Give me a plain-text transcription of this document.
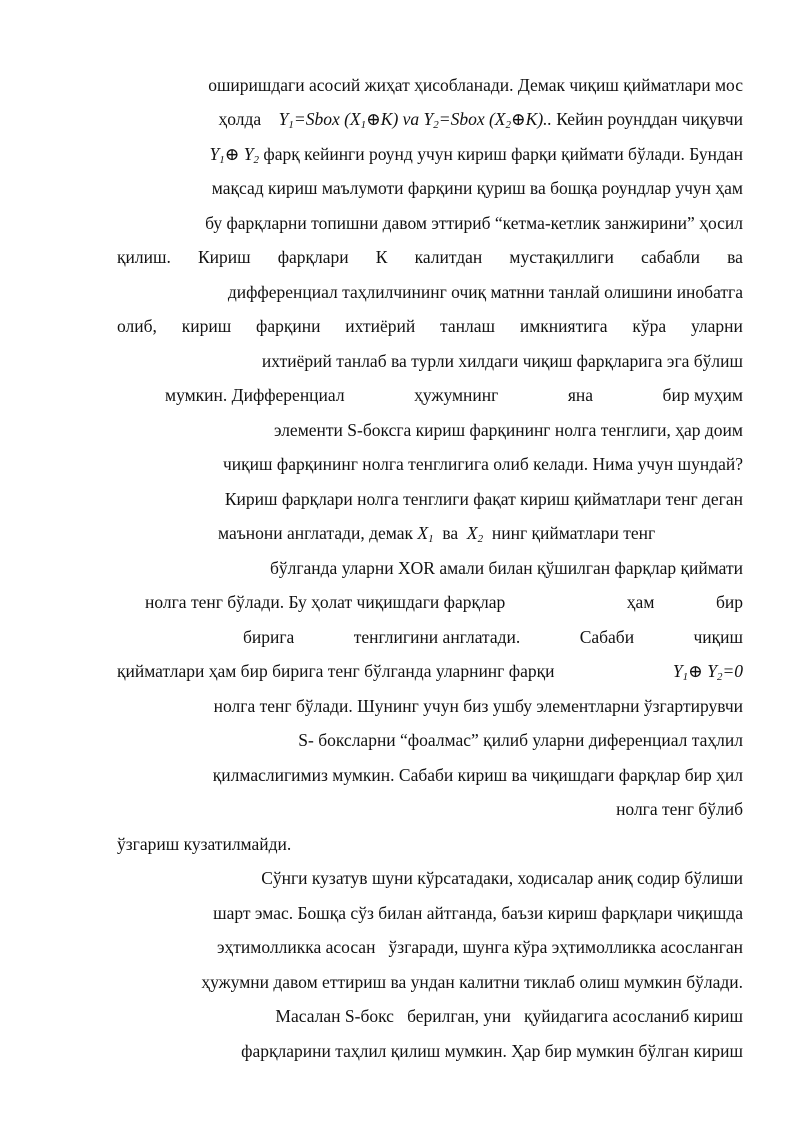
оширишдаги асосий жиҳат ҳисобланади. Демак чиқиш қийматлари мос
ҳолда $Y_1=Sbox$ $(X_1\oplus K)$ va $Y_2=Sbox$ $(X_2\oplus K)$.. Кейин роунддан чиқувчи
$Y_1\oplus$ $Y_2$ фарқ кейинги роунд учун кириш фарқи қиймати бўлади. Бундан
мақсад кириш маълумоти фарқини қуриш ва бошқа роундлар учун ҳам
бу фарқларни топишни давом эттириб “кетма-кетлик занжирини” ҳосил
қилиш. Кириш фарқлари К калитдан мустақиллиги сабабли ва
дифференциал таҳлилчининг очиқ матнни танлай олишини инобатга
олиб, кириш фарқини ихтиёрий танлаш имкниятига кўра уларни
ихтиёрий танлаб ва турли хилдаги чиқиш фарқларига эга бўлиш
мумкин. Дифференциал	ҳужумнинг	яна	бир муҳим
элементи S-боксга кириш фарқининг нолга тенглиги, ҳар доим
чиқиш фарқининг нолга тенглигига олиб келади. Нима учун шундай?
Кириш фарқлари нолга тенглиги фақат кириш қийматлари тенг деган
маънони англатади, демак $X_1$ ва $X_2$ нинг қийматлари тенг
бўлганда уларни XOR амали билан қўшилган фарқлар қиймати
нолга тенг бўлади. Бу ҳолат чиқишдаги фарқлар	ҳам	бир
бирига	тенглигини англатади.	Сабаби	чиқиш
қийматлари ҳам бир бирига тенг бўлганда уларнинг фарқи	$Y_1\oplus$ $Y_2=0$
нолга тенг бўлади. Шунинг учун биз ушбу элементларни ўзгартирувчи
S- боксларни “фоалмас” қилиб уларни диференциал таҳлил
қилмаслигимиз мумкин. Сабаби кириш ва чиқишдаги фарқлар бир ҳил
нолга тенг бўлиб
ўзгариш кузатилмайди.
Сўнги кузатув шуни кўрсатадаки, ходисалар аниқ содир бўлиши
шарт эмас. Бошқа сўз билан айтганда, баъзи кириш фарқлари чиқишда
эҳтимолликка асосан   ўзгаради, шунга кўра эҳтимолликка асосланган
ҳужумни давом еттириш ва ундан калитни тиклаб олиш мумкин бўлади.
Масалан S-бокс   берилган, уни   қуйидагига асосланиб кириш
фарқларини таҳлил қилиш мумкин. Ҳар бир мумкин бўлган кириш
